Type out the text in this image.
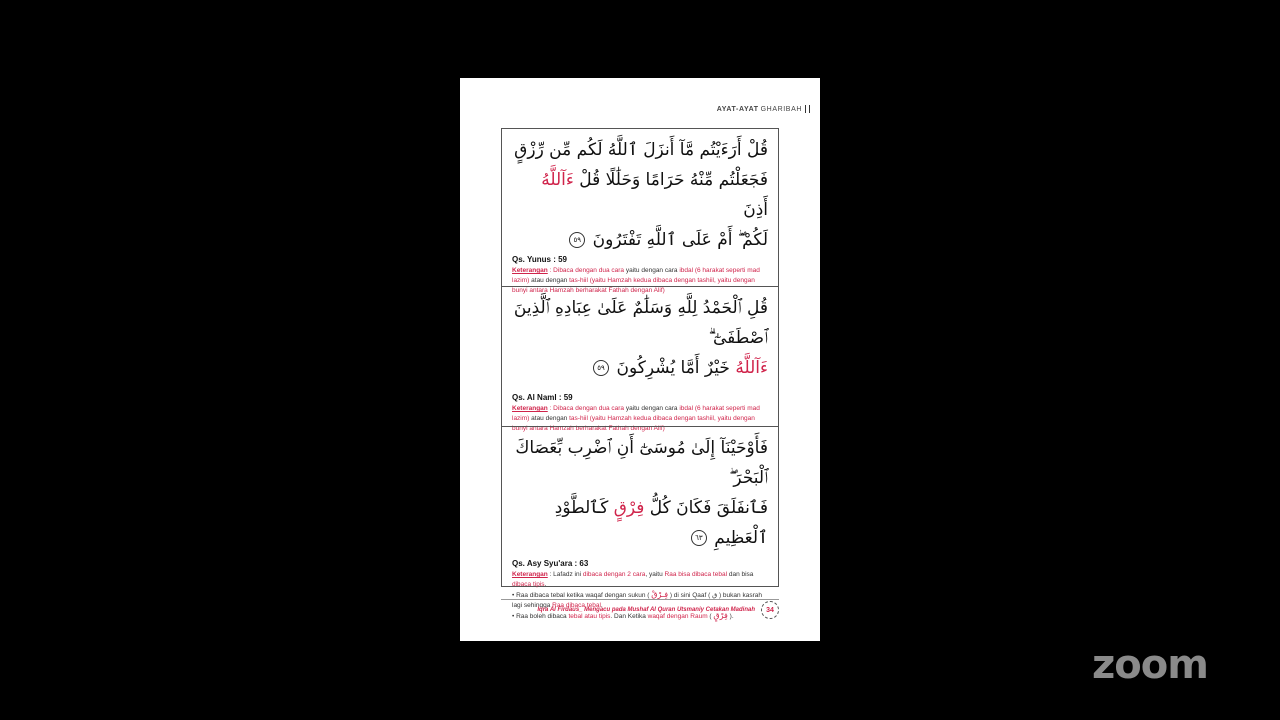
AYAT-AYAT GHARIBAH
قُلْ أَرَءَيْتُم مَّآ أَنزَلَ ٱللَّهُ لَكُم مِّن رِّزْقٍ
فَجَعَلْتُم مِّنْهُ حَرَامًا وَحَلَٰلًا قُلْ ءَآللَّهُ أَذِنَ
لَكُمْ ۖ أَمْ عَلَى ٱللَّهِ تَفْتَرُونَ ٥٩
Qs. Yunus : 59
Keterangan : Dibaca dengan dua cara yaitu dengan cara ibdal (6 harakat seperti mad lazim) atau dengan tas-hiil (yaitu Hamzah kedua dibaca dengan tashiil, yaitu dengan bunyi antara Hamzah berharakat Fathah dengan Alif)
قُلِ ٱلْحَمْدُ لِلَّهِ وَسَلَٰمٌ عَلَىٰ عِبَادِهِ ٱلَّذِينَ ٱصْطَفَىٰٓ ۗ
ءَآللَّهُ خَيْرٌ أَمَّا يُشْرِكُونَ ٥٩
Qs. Al Naml : 59
Keterangan : Dibaca dengan dua cara yaitu dengan cara ibdal (6 harakat seperti mad lazim) atau dengan tas-hiil (yaitu Hamzah kedua dibaca dengan tashiil, yaitu dengan bunyi antara Hamzah berharakat Fathah dengan Alif)
فَأَوْحَيْنَآ إِلَىٰ مُوسَىٰٓ أَنِ ٱضْرِب بِّعَصَاكَ ٱلْبَحْرَ ۖ
فَٱنفَلَقَ فَكَانَ كُلُّ فِرْقٍ كَٱلطَّوْدِ ٱلْعَظِيمِ ٦٣
Qs. Asy Syu'ara : 63
Keterangan : Lafadz ini dibaca dengan 2 cara, yaitu Raa bisa dibaca tebal dan bisa dibaca tipis.
• Raa dibaca tebal ketika waqaf dengan sukun ( فِـرْقْ ) di sini Qaaf ( ق ) bukan kasrah lagi sehingga Raa dibaca tebal.
• Raa boleh dibaca tebal atau tipis. Dan Ketika waqaf dengan Raum ( فِرْقٍ ).
Iqra Al Firdaus_ Mengacu pada Mushaf Al Quran Utsmaniy Cetakan Madinah	34
zoom
